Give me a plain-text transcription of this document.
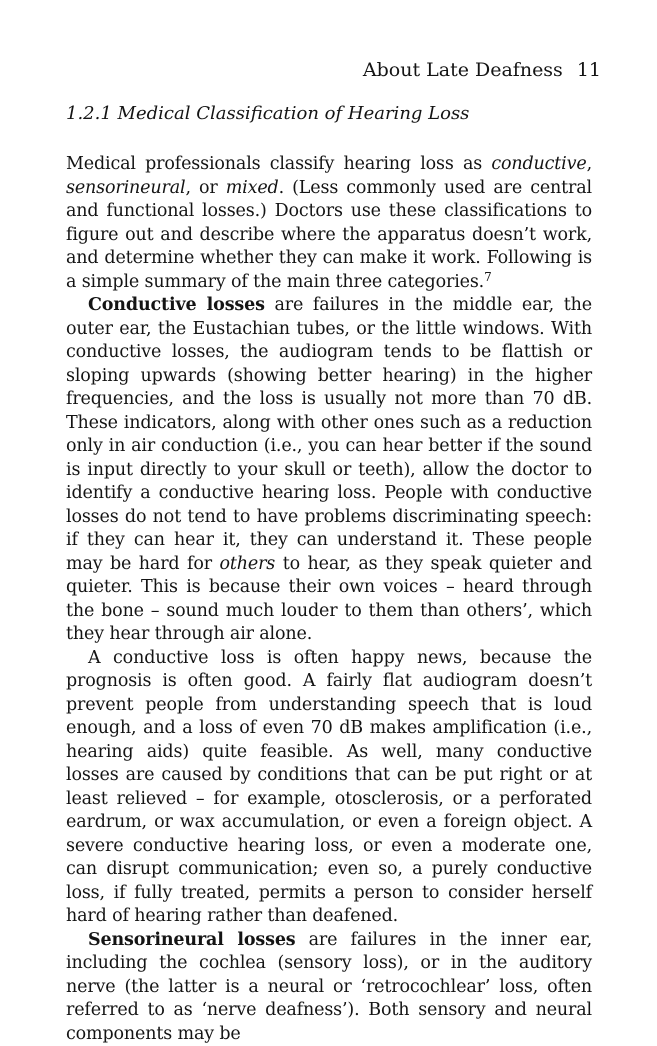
About Late Deafness 11
1.2.1 Medical Classification of Hearing Loss

Medical professionals classify hearing loss as conductive, sensorineural, or mixed. (Less commonly used are central and functional losses.) Doctors use these classifications to figure out and describe where the apparatus doesn’t work, and determine whether they can make it work. Following is a simple summary of the main three categories.$^7$

Conductive losses are failures in the middle ear, the outer ear, the Eustachian tubes, or the little windows. With conductive losses, the audiogram tends to be flattish or sloping upwards (showing better hearing) in the higher frequencies, and the loss is usually not more than 70 dB. These indicators, along with other ones such as a reduction only in air conduction (i.e., you can hear better if the sound is input directly to your skull or teeth), allow the doctor to identify a conductive hearing loss. People with conductive losses do not tend to have problems discriminating speech: if they can hear it, they can understand it. These people may be hard for others to hear, as they speak quieter and quieter. This is because their own voices – heard through the bone – sound much louder to them than others’, which they hear through air alone.

A conductive loss is often happy news, because the prognosis is often good. A fairly flat audiogram doesn’t prevent people from understanding speech that is loud enough, and a loss of even 70 dB makes amplification (i.e., hearing aids) quite feasible. As well, many conductive losses are caused by conditions that can be put right or at least relieved – for example, otosclerosis, or a perforated eardrum, or wax accumulation, or even a foreign object. A severe conductive hearing loss, or even a moderate one, can disrupt communication; even so, a purely conductive loss, if fully treated, permits a person to consider herself hard of hearing rather than deafened.

Sensorineural losses are failures in the inner ear, including the cochlea (sensory loss), or in the auditory nerve (the latter is a neural or ‘retrocochlear’ loss, often referred to as ‘nerve deafness’). Both sensory and neural components may be
